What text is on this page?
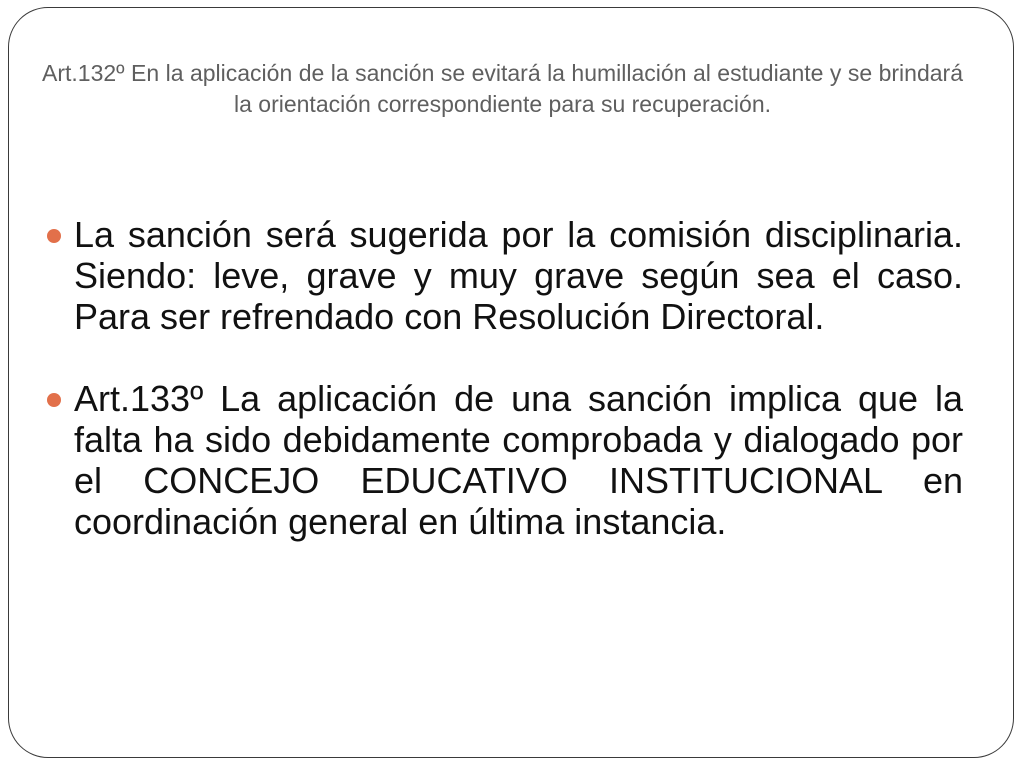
Art.132º En la aplicación de la sanción se evitará la humillación al estudiante y se brindará la orientación correspondiente para su recuperación.

La sanción será sugerida por la comisión disciplinaria. Siendo: leve, grave y muy grave según sea el caso. Para ser refrendado con Resolución Directoral.
Art.133º La aplicación de una sanción implica que la falta ha sido debidamente comprobada y dialogado por el CONCEJO EDUCATIVO INSTITUCIONAL en coordinación general en última instancia.
